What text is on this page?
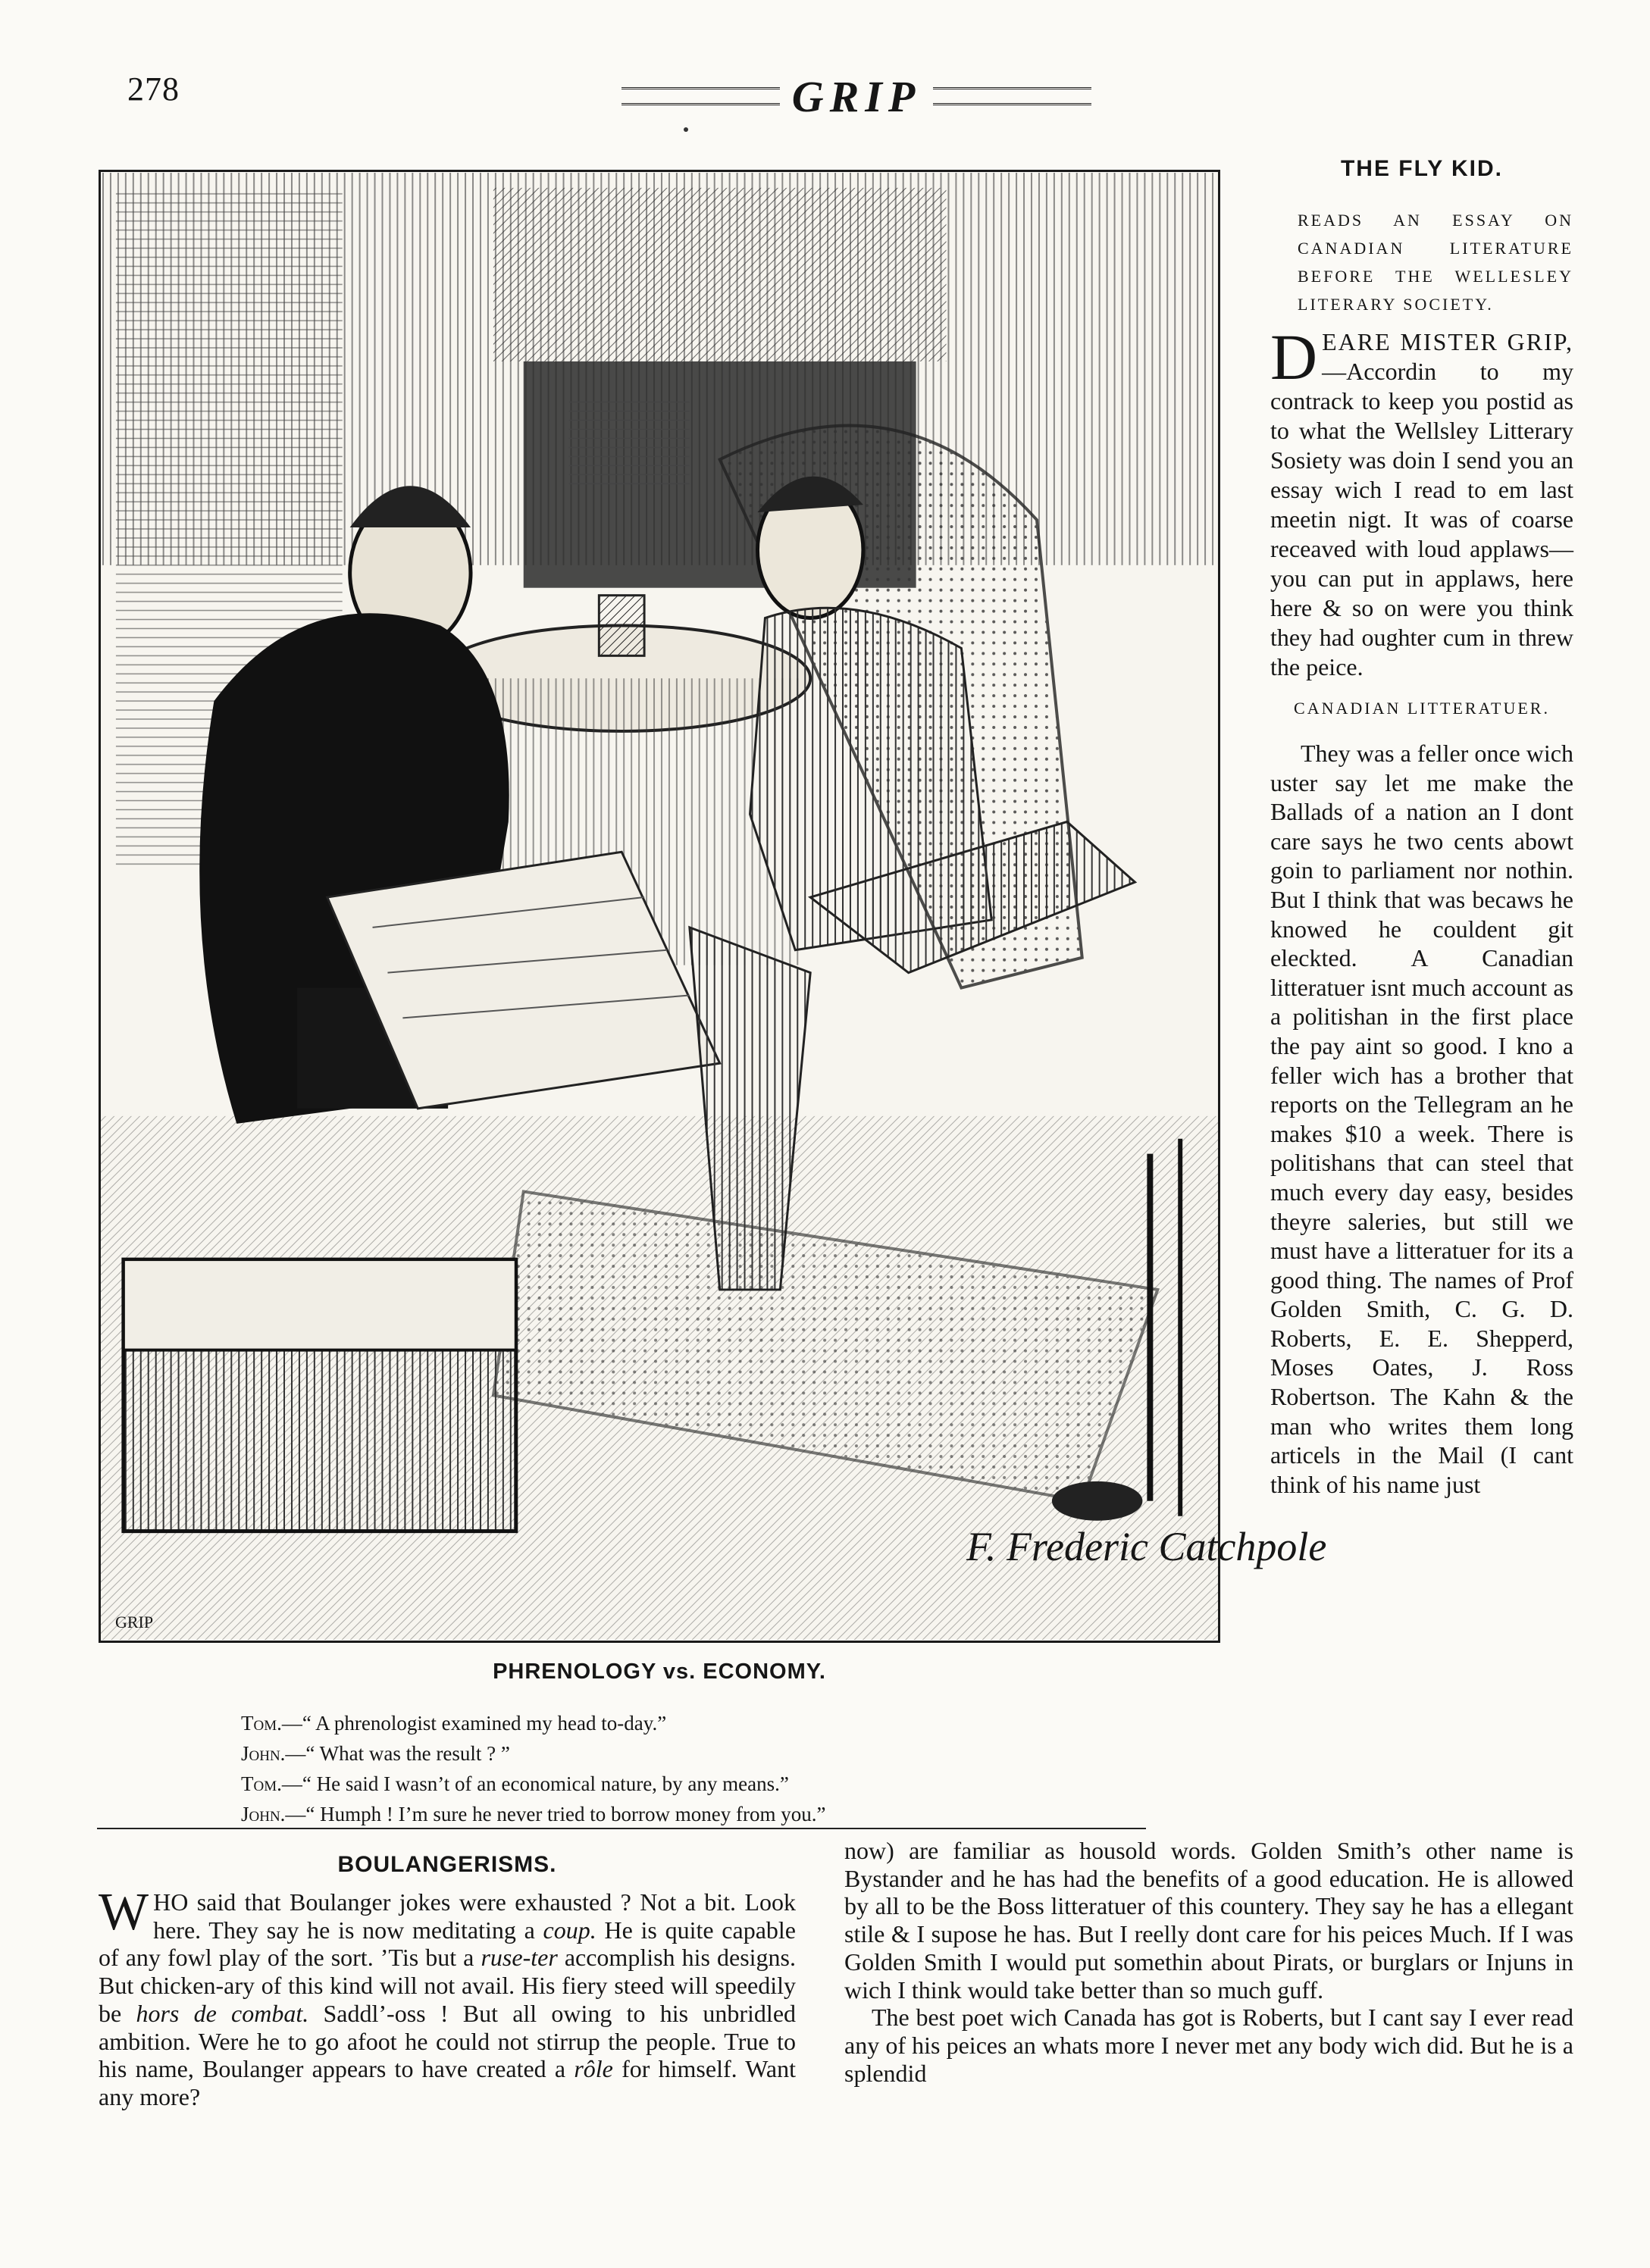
278	GRIP
F. Frederic Catchpole
GRIP
PHRENOLOGY vs. ECONOMY.
Tom.—“ A phrenologist examined my head to-day.”
John.—“ What was the result ? ”
Tom.—“ He said I wasn’t of an economical nature, by any means.”
John.—“ Humph ! I’m sure he never tried to borrow money from you.”
THE FLY KID.
READS AN ESSAY ON CANADIAN LITERATURE BEFORE THE WELLESLEY LITERARY SOCIETY.
DEARE MISTER GRIP,—Accordin to my contrack to keep you postid as to what the Wellsley Litterary Sosiety was doin I send you an essay wich I read to em last meetin nigt. It was of coarse receaved with loud applaws—you can put in applaws, here here & so on were you think they had oughter cum in threw the peice.
CANADIAN LITTERATUER.

They was a feller once wich uster say let me make the Ballads of a nation an I dont care says he two cents abowt goin to parliament nor nothin. But I think that was becaws he knowed he couldent git eleckted. A Canadian litteratuer isnt much account as a politishan in the first place the pay aint so good. I kno a feller wich has a brother that reports on the Tellegram an he makes $10 a week. There is politishans that can steel that much every day easy, besides theyre saleries, but still we must have a litteratuer for its a good thing. The names of Prof Golden Smith, C. G. D. Roberts, E. E. Shepperd, Moses Oates, J. Ross Robertson. The Kahn & the man who writes them long articels in the Mail (I cant think of his name just

BOULANGERISMS.
WHO said that Boulanger jokes were exhausted ? Not a bit. Look here. They say he is now meditating a coup. He is quite capable of any fowl play of the sort. ’Tis but a ruse-ter accomplish his designs. But chicken-ary of this kind will not avail. His fiery steed will speedily be hors de combat. Saddl’-oss ! But all owing to his unbridled ambition. Were he to go afoot he could not stirrup the people. True to his name, Boulanger appears to have created a rôle for himself. Want any more?

now) are familiar as housold words. Golden Smith’s other name is Bystander and he has had the benefits of a good education. He is allowed by all to be the Boss litteratuer of this countery. They say he has a ellegant stile & I supose he has. But I reelly dont care for his peices Much. If I was Golden Smith I would put somethin about Pirats, or burglars or Injuns in wich I think would take better than so much guff.

The best poet wich Canada has got is Roberts, but I cant say I ever read any of his peices an whats more I never met any body wich did. But he is a splendid
